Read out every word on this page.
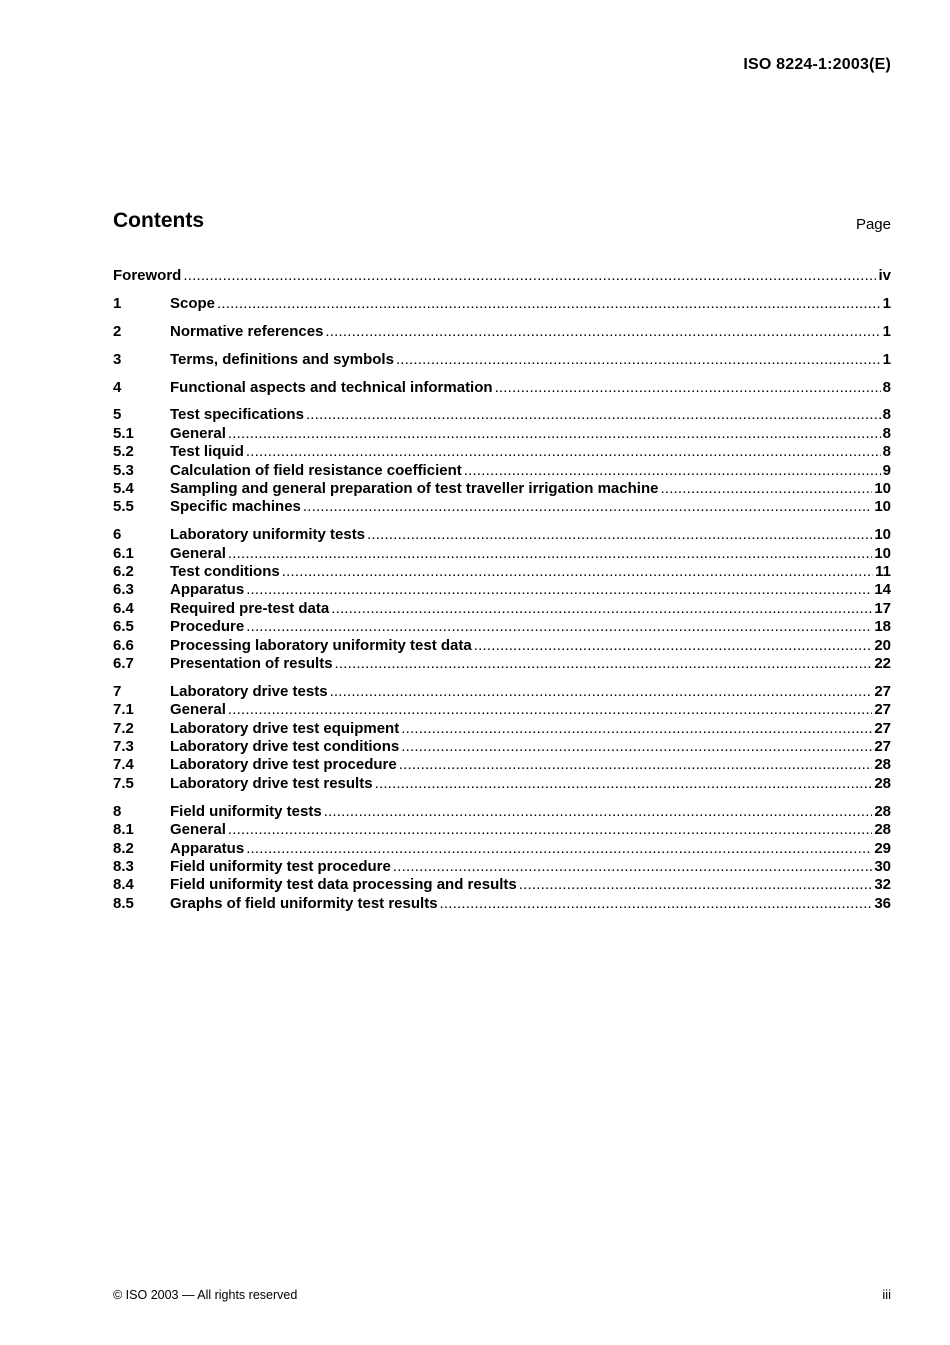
ISO 8224-1:2003(E)
Contents	Page
Foreword .....	iv
1	Scope .....	1
2	Normative references .....	1
3	Terms, definitions and symbols .....	1
4	Functional aspects and technical information .....	8
5	Test specifications .....	8
5.1	General .....	8
5.2	Test liquid .....	8
5.3	Calculation of field resistance coefficient .....	9
5.4	Sampling and general preparation of test traveller irrigation machine .....	10
5.5	Specific machines .....	10
6	Laboratory uniformity tests .....	10
6.1	General .....	10
6.2	Test conditions .....	11
6.3	Apparatus .....	14
6.4	Required pre-test data .....	17
6.5	Procedure .....	18
6.6	Processing laboratory uniformity test data .....	20
6.7	Presentation of results .....	22
7	Laboratory drive tests .....	27
7.1	General .....	27
7.2	Laboratory drive test equipment .....	27
7.3	Laboratory drive test conditions .....	27
7.4	Laboratory drive test procedure .....	28
7.5	Laboratory drive test results .....	28
8	Field uniformity tests .....	28
8.1	General .....	28
8.2	Apparatus .....	29
8.3	Field uniformity test procedure .....	30
8.4	Field uniformity test data processing and results .....	32
8.5	Graphs of field uniformity test results .....	36
© ISO 2003 — All rights reserved	iii
